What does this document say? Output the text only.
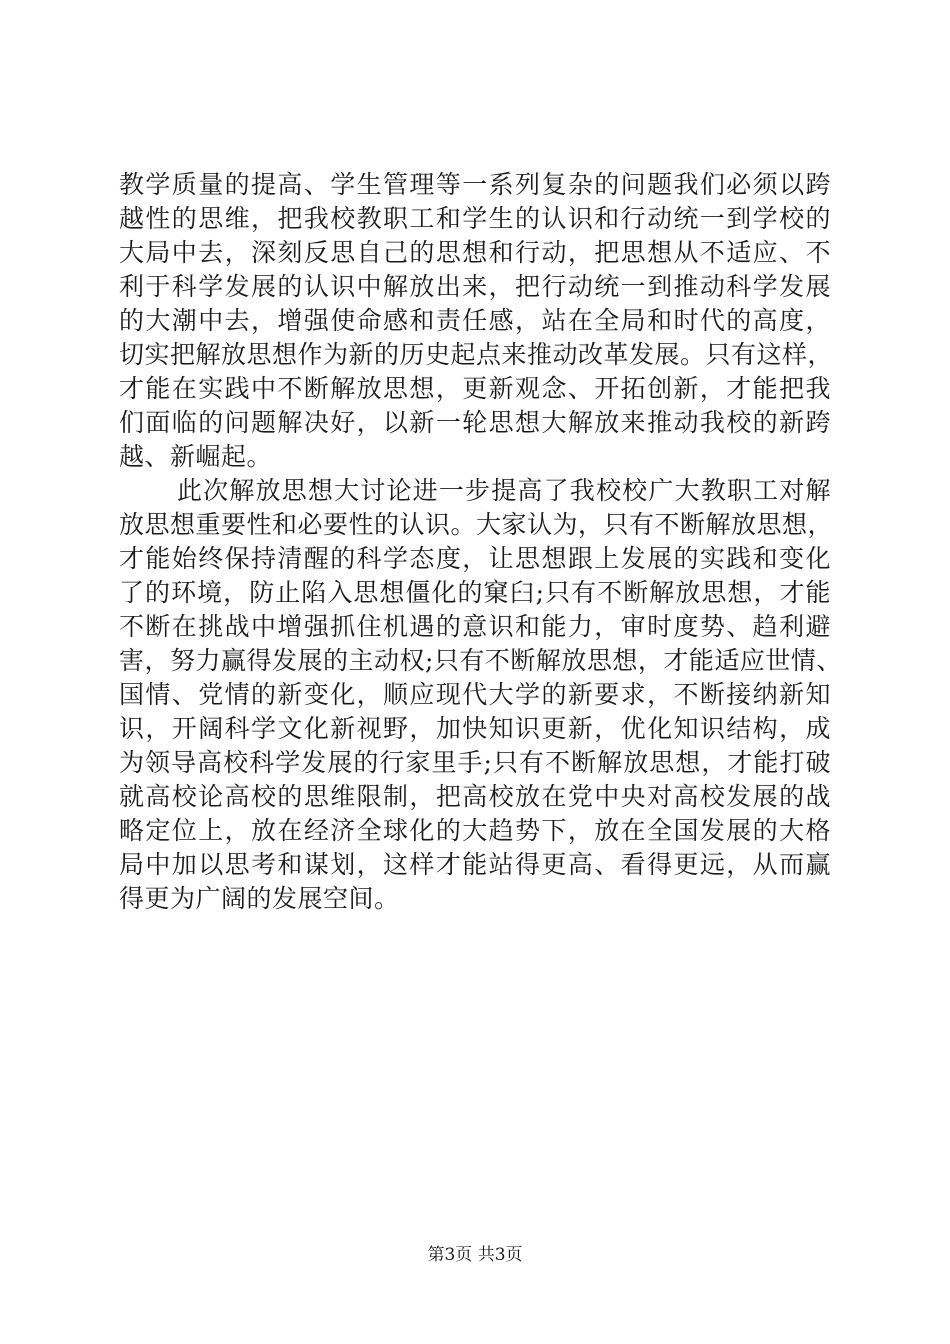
教学质量的提高、学生管理等一系列复杂的问题我们必须以跨
越性的思维，把我校教职工和学生的认识和行动统一到学校的
大局中去，深刻反思自己的思想和行动，把思想从不适应、不
利于科学发展的认识中解放出来，把行动统一到推动科学发展
的大潮中去，增强使命感和责任感，站在全局和时代的高度，
切实把解放思想作为新的历史起点来推动改革发展。只有这样，
才能在实践中不断解放思想，更新观念、开拓创新，才能把我
们面临的问题解决好，以新一轮思想大解放来推动我校的新跨
越、新崛起。
此次解放思想大讨论进一步提高了我校校广大教职工对解
放思想重要性和必要性的认识。大家认为，只有不断解放思想，
才能始终保持清醒的科学态度，让思想跟上发展的实践和变化
了的环境，防止陷入思想僵化的窠臼;只有不断解放思想，才能
不断在挑战中增强抓住机遇的意识和能力，审时度势、趋利避
害，努力赢得发展的主动权;只有不断解放思想，才能适应世情、
国情、党情的新变化，顺应现代大学的新要求，不断接纳新知
识，开阔科学文化新视野，加快知识更新，优化知识结构，成
为领导高校科学发展的行家里手;只有不断解放思想，才能打破
就高校论高校的思维限制，把高校放在党中央对高校发展的战
略定位上，放在经济全球化的大趋势下，放在全国发展的大格
局中加以思考和谋划，这样才能站得更高、看得更远，从而赢
得更为广阔的发展空间。
第3页 共3页
